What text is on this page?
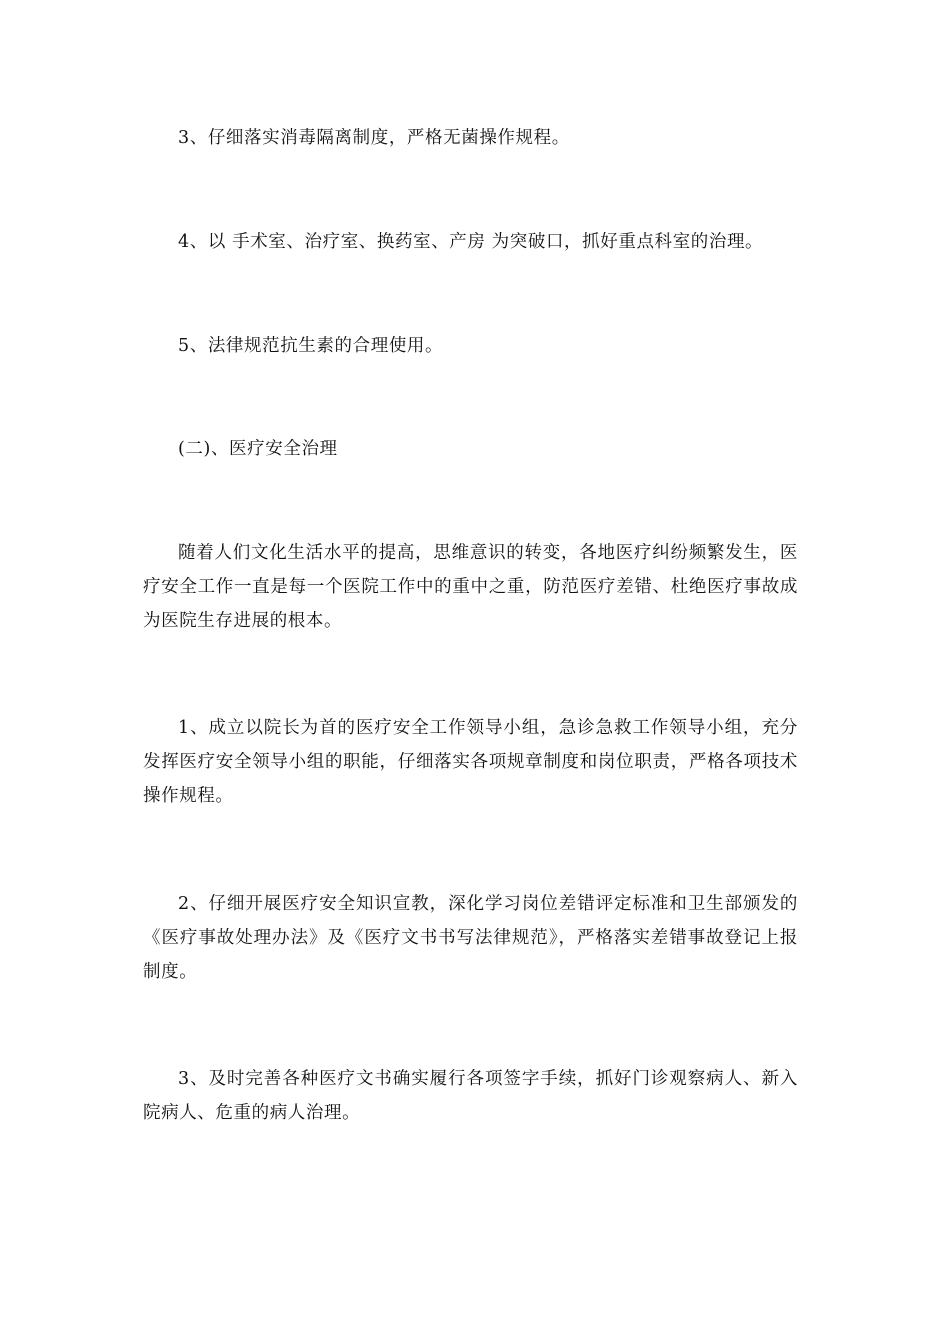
3、仔细落实消毒隔离制度，严格无菌操作规程。

4、以 手术室、治疗室、换药室、产房 为突破口，抓好重点科室的治理。

5、法律规范抗生素的合理使用。

(二)、医疗安全治理

随着人们文化生活水平的提高，思维意识的转变，各地医疗纠纷频繁发生，医疗安全工作一直是每一个医院工作中的重中之重，防范医疗差错、杜绝医疗事故成为医院生存进展的根本。

1、成立以院长为首的医疗安全工作领导小组，急诊急救工作领导小组，充分发挥医疗安全领导小组的职能，仔细落实各项规章制度和岗位职责，严格各项技术操作规程。

2、仔细开展医疗安全知识宣教，深化学习岗位差错评定标准和卫生部颁发的《医疗事故处理办法》及《医疗文书书写法律规范》，严格落实差错事故登记上报制度。

3、及时完善各种医疗文书确实履行各项签字手续，抓好门诊观察病人、新入院病人、危重的病人治理。
